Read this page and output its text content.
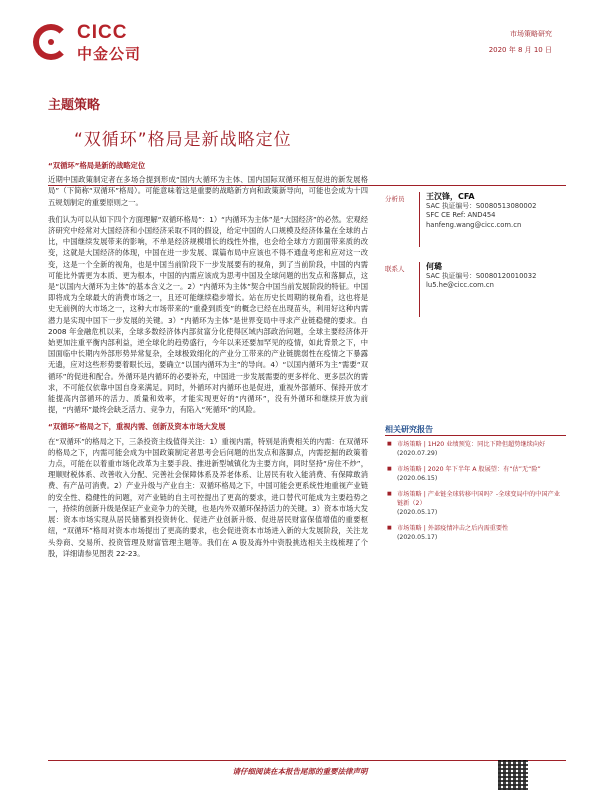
CICC
中金公司
市场策略研究
2020 年 8 月 10 日
主题策略
“双循环”格局是新战略定位
“双循环”格局是新的战略定位

近期中国政策制定者在多场合提到形成“国内大循环为主体、国内国际双循环相互促进的新发展格局”（下简称“双循环”格局）。可能意味着这是重要的战略新方向和政策新导向，可能也会成为十四五规划制定的重要原则之一。

我们认为可以从如下四个方面理解“双循环格局”：1）“内循环为主体”是“大国经济”的必然。宏观经济研究中经常对大国经济和小国经济采取不同的假设，给定中国的人口规模及经济体量在全球的占比，中国继续发展带来的影响，不单是经济规模增长的线性外推，也会给全球方方面面带来质的改变，这就是大国经济的体现，中国在进一步发展、谋篇布局中应该也不得不通盘考虑和应对这一改变，这是一个全新的视角，也是中国当前阶段下一步发展要有的视角，到了当前阶段，中国的内需可能比外需更为本质、更为根本，中国的内需应该成为思考中国及全球问题的出发点和落脚点，这是“以国内大循环为主体”的基本含义之一。2）“内循环为主体”契合中国当前发展阶段的特征。中国即将成为全球最大的消费市场之一，且还可能继续稳步增长。站在历史长周期的视角看，这也将是史无前例的大市场之一，这种大市场带来的“重叠到质变”的概念已经在出现苗头，利用好这种内需潜力是实现中国下一步发展的关键。3）“内循环为主体”是世界变局中寻求产业链稳健的要求。自 2008 年金融危机以来，全球多数经济体内部贫富分化使得区域内部政治问题，全球主要经济体开始更加注重平衡内部利益，逆全球化的趋势盛行，今年以来还要加罕见的疫情，如此背景之下，中国面临中长期内外部形势异常复杂，全球极致细化的产业分工带来的产业链脆弱性在疫情之下暴露无遗，应对这些形势要着眼长远，要确立“以国内循环为主”的导向。4）“以国内循环为主”需要“双循环”的促进和配合。外循环是内循环的必要补充，中国进一步发展需要的更多样化、更多层次的需求，不可能仅依靠中国自身来满足。同时，外循环对内循环也是促进，重视外部循环、保持开放才能提高内部循环的活力、质量和效率，才能实现更好的“内循环”，没有外循环和继续开放为前提，“内循环”最终会缺乏活力、竞争力，有陷入“死循环”的风险。

“双循环”格局之下，重视内需、创新及资本市场大发展

在“双循环”的格局之下，三条投资主线值得关注：1）重视内需，特别是消费相关的内需：在双循环的格局之下，内需可能会成为中国政策制定者思考会后问题的出发点和落脚点，内需挖掘的政策着力点，可能在以着重市场化改革为主要手段、推进新型城镇化为主要方向，同时坚持“房住不炒”，理顺财税体系、改善收入分配、完善社会保障体系及养老体系、让居民有收入能消费、有保障敢消费、有产品可消费。2）产业升级与产业自主：双循环格局之下，中国可能会更系统性地重视产业链的安全性、稳健性的问题，对产业链的自主可控提出了更高的要求，进口替代可能成为主要趋势之一，持续的创新升级是保证产业竞争力的关键，也是内外双循环保持活力的关键。3）资本市场大发展：资本市场实现从居民储蓄到投资转化、促进产业创新升级、促进居民财富保值增值的重要枢纽，“双循环”格局对资本市场提出了更高的要求，也会促进资本市场进入新的大发展阶段，关注龙头券商、交易所、投资管理及财富管理主题等。我们在 A 股及海外中资股挑选相关主线梳理了个股，详细请参见图表 22-23。

分析员	王汉锋，CFA
SAC 执证编号：S0080513080002
SFC CE Ref: AND454
hanfeng.wang@cicc.com.cn
联系人	何璐
SAC 执证编号：S0080120010032
lu5.he@cicc.com.cn
相关研究报告
■ 市场策略 | 1H20 业绩预览：同比下降但超势继续向好
(2020.07.29)
■ 市场策略 | 2020 年下半年 A 股展望：有“估”无“险”
(2020.06.15)
■ 市场策略 | 产业链全球转移中国吗？-全球变局中的中国产业链新（2）
(2020.05.17)
■ 市场策略 | 外部疫情冲击之后内需重要性
(2020.05.17)
请仔细阅读在本报告尾部的重要法律声明
